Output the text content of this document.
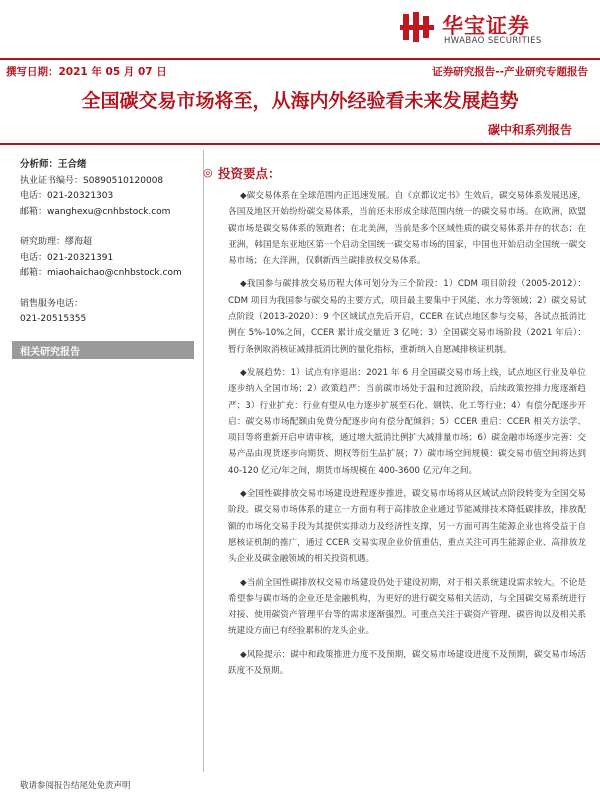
华宝证券
HWABAO SECURITIES
撰写日期：2021 年 05 月 07 日	证券研究报告--产业研究专题报告
全国碳交易市场将至，从海内外经验看未来发展趋势
碳中和系列报告
分析师：王合绪
执业证书编号：S0890510120008
电话：021-20321303
邮箱：wanghexu@cnhbstock.com
研究助理：缪海超
电话：021-20321391
邮箱：miaohaichao@cnhbstock.com
销售服务电话：
021-20515355
相关研究报告
◎ 投资要点：

◆碳交易体系在全球范围内正迅速发展。自《京都议定书》生效后，碳交易体系发展迅速，各国及地区开始纷纷碳交易体系，当前还未形成全球范围内统一的碳交易市场。在欧洲，欧盟碳市场是碳交易体系的领跑者；在北美洲，当前是多个区域性质的碳交易体系并存的状态；在亚洲，韩国是东亚地区第一个启动全国统一碳交易市场的国家，中国也开始启动全国统一碳交易市场；在大洋洲，仅剩新西兰碳排放权交易体系。

◆我国参与碳排放交易历程大体可划分为三个阶段：1）CDM 项目阶段（2005-2012）：CDM 项目为我国参与碳交易的主要方式，项目最主要集中于风能、水力等领域；2）碳交易试点阶段（2013-2020）：9 个区域试点先后开启，CCER 在试点地区参与交易，各试点抵消比例在 5%-10%之间，CCER 累计成交量近 3 亿吨；3）全国碳交易市场阶段（2021 年后）：暂行条例取消核证减排抵消比例的量化指标，重新纳入自愿减排核证机制。

◆发展趋势：1）试点有序退出：2021 年 6 月全国碳交易市场上线，试点地区行业及单位逐步纳入全国市场；2）政策趋严：当前碳市场处于温和过渡阶段，后续政策控排力度逐渐趋严；3）行业扩充：行业有望从电力逐步扩展至石化、钢铁、化工等行业；4）有偿分配逐步开启：碳交易市场配额由免费分配逐步向有偿分配倾斜；5）CCER 重启：CCER 相关方法学、项目等将重新开启申请审核，通过增大抵消比例扩大减排量市场；6）碳金融市场逐步完善：交易产品由现货逐步向期货、期权等衍生品扩展；7）碳市场空间规模：碳交易市值空间将达到 40-120 亿元/年之间，期货市场规模在 400-3600 亿元/年之间。

◆全国性碳排放交易市场建设进程逐步推进，碳交易市场将从区域试点阶段转变为全国交易阶段。碳交易市场体系的建立一方面有利于高排放企业通过节能减排技术降低碳排放，排放配额的市场化交易手段为其提供实排动力及经济性支撑，另一方面可再生能源企业也将受益于自愿核证机制的推广，通过 CCER 交易实现企业价值重估，重点关注可再生能源企业、高排放龙头企业及碳金融领域的相关投资机遇。

◆当前全国性碳排放权交易市场建设仍处于建设初期，对于相关系统建设需求较大。不论是希望参与碳市场的企业还是金融机构，为更好的进行碳交易相关活动，与全国碳交易系统进行对接、使用碳资产管理平台等的需求逐渐强烈。可重点关注于碳资产管理、碳咨询以及相关系统建设方面已有经验累积的龙头企业。

◆风险提示：碳中和政策推进力度不及预期，碳交易市场建设进度不及预期，碳交易市场活跃度不及预期。

敬请参阅报告结尾处免责声明
